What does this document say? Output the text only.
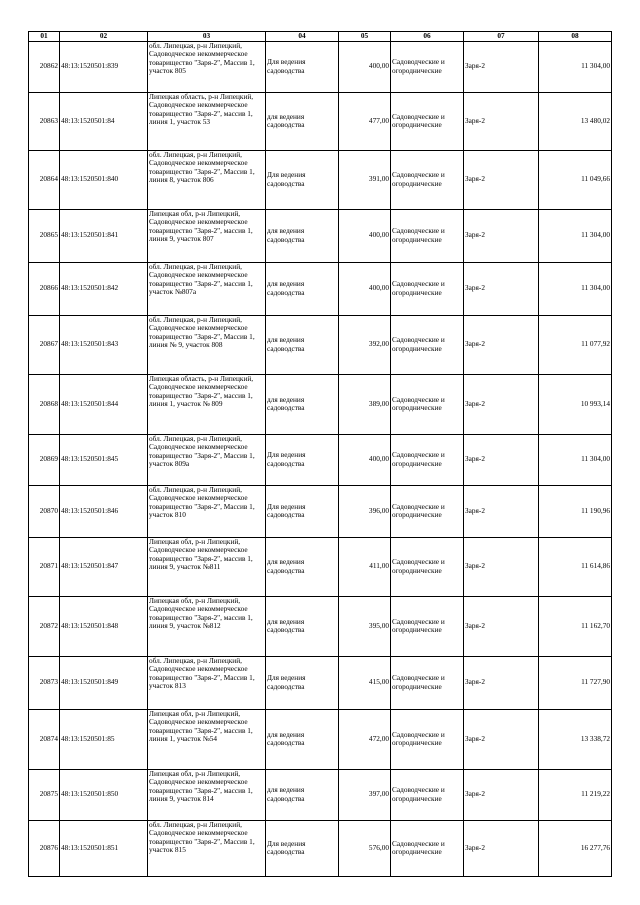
01	02	03	04	05	06	07	08
20862	48:13:1520501:839	обл. Липецкая, р-н Липецкий, Садоводческое некоммерческое товарищество "Заря-2", Массив 1, участок 805	Для ведения садоводства	400,00	Садоводческие и огороднические	Заря-2	11 304,00
20863	48:13:1520501:84	Липецкая область, р-н Липецкий, Садоводческое некоммерческое товарищество "Заря-2", массив 1, линия 1, участок 53	для ведения садоводства	477,00	Садоводческие и огороднические	Заря-2	13 480,02
20864	48:13:1520501:840	обл. Липецкая, р-н Липецкий, Садоводческое некоммерческое товарищество "Заря-2", Массив 1, линия 8, участок 806	Для ведения садоводства	391,00	Садоводческие и огороднические	Заря-2	11 049,66
20865	48:13:1520501:841	Липецкая обл, р-н Липецкий, Садоводческое некоммерческое товарищество "Заря-2", массив 1, линия 9, участок 807	для ведения садоводства	400,00	Садоводческие и огороднические	Заря-2	11 304,00
20866	48:13:1520501:842	обл. Липецкая, р-н Липецкий, Садоводческое некоммерческое товарищество "Заря-2", массив 1, участок №807а	для ведения садоводства	400,00	Садоводческие и огороднические	Заря-2	11 304,00
20867	48:13:1520501:843	обл. Липецкая, р-н Липецкий, Садоводческое некоммерческое товарищество "Заря-2", Массив 1, линия № 9, участок 808	для ведения садоводства	392,00	Садоводческие и огороднические	Заря-2	11 077,92
20868	48:13:1520501:844	Липецкая область, р-н Липецкий, Садоводческое некоммерческое товарищество "Заря-2", массив 1, линия 1, участок № 809	для ведения садоводства	389,00	Садоводческие и огороднические	Заря-2	10 993,14
20869	48:13:1520501:845	обл. Липецкая, р-н Липецкий, Садоводческое некоммерческое товарищество "Заря-2", Массив 1, участок 809а	Для ведения садоводства	400,00	Садоводческие и огороднические	Заря-2	11 304,00
20870	48:13:1520501:846	обл. Липецкая, р-н Липецкий, Садоводческое некоммерческое товарищество "Заря-2", Массив 1, участок 810	Для ведения садоводства	396,00	Садоводческие и огороднические	Заря-2	11 190,96
20871	48:13:1520501:847	Липецкая обл, р-н Липецкий, Садоводческое некоммерческое товарищество "Заря-2", массив 1, линия 9, участок №811	для ведения садоводства	411,00	Садоводческие и огороднические	Заря-2	11 614,86
20872	48:13:1520501:848	Липецкая обл, р-н Липецкий, Садоводческое некоммерческое товарищество "Заря-2", массив 1, линия 9, участок №812	для ведения садоводства	395,00	Садоводческие и огороднические	Заря-2	11 162,70
20873	48:13:1520501:849	обл. Липецкая, р-н Липецкий, Садоводческое некоммерческое товарищество "Заря-2", Массив 1, участок 813	Для ведения садоводства	415,00	Садоводческие и огороднические	Заря-2	11 727,90
20874	48:13:1520501:85	Липецкая обл, р-н Липецкий, Садоводческое некоммерческое товарищество "Заря-2", массив 1, линия 1, участок №54	для ведения садоводства	472,00	Садоводческие и огороднические	Заря-2	13 338,72
20875	48:13:1520501:850	Липецкая обл, р-н Липецкий, Садоводческое некоммерческое товарищество "Заря-2", массив 1, линия 9, участок 814	для ведения садоводства	397,00	Садоводческие и огороднические	Заря-2	11 219,22
20876	48:13:1520501:851	обл. Липецкая, р-н Липецкий, Садоводческое некоммерческое товарищество "Заря-2", Массив 1, участок 815	Для ведения садоводства	576,00	Садоводческие и огороднические	Заря-2	16 277,76
